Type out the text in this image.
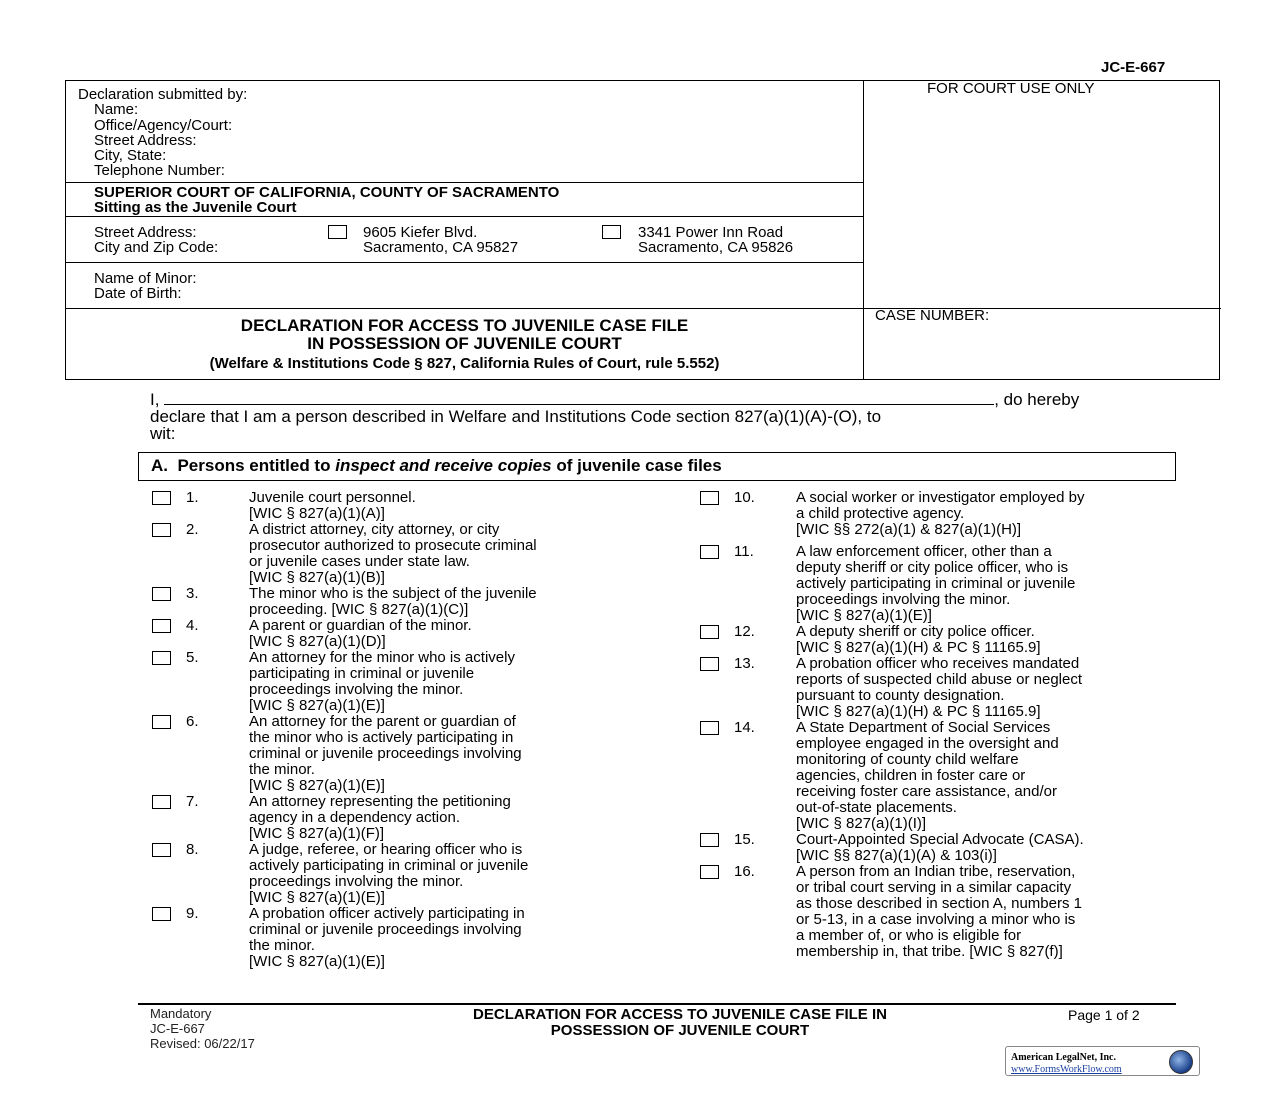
JC-E-667
Declaration submitted by:
Name:
Office/Agency/Court:
Street Address:
City, State:
Telephone Number:
FOR COURT USE ONLY
SUPERIOR COURT OF CALIFORNIA, COUNTY OF SACRAMENTO
Sitting as the Juvenile Court
Street Address:
City and Zip Code:
9605 Kiefer Blvd.
Sacramento, CA 95827
3341 Power Inn Road
Sacramento, CA 95826
Name of Minor:
Date of Birth:
DECLARATION FOR ACCESS TO JUVENILE CASE FILE
IN POSSESSION OF JUVENILE COURT
(Welfare & Institutions Code § 827, California Rules of Court, rule 5.552)
CASE NUMBER:
I,	, do hereby
declare that I am a person described in Welfare and Institutions Code section 827(a)(1)(A)-(O), to
wit:
A. Persons entitled to inspect and receive copies of juvenile case files
1.	Juvenile court personnel.
[WIC § 827(a)(1)(A)]
2.	A district attorney, city attorney, or city
prosecutor authorized to prosecute criminal
or juvenile cases under state law.
[WIC § 827(a)(1)(B)]
3.	The minor who is the subject of the juvenile
proceeding. [WIC § 827(a)(1)(C)]
4.	A parent or guardian of the minor.
[WIC § 827(a)(1)(D)]
5.	An attorney for the minor who is actively
participating in criminal or juvenile
proceedings involving the minor.
[WIC § 827(a)(1)(E)]
6.	An attorney for the parent or guardian of
the minor who is actively participating in
criminal or juvenile proceedings involving
the minor.
[WIC § 827(a)(1)(E)]
7.	An attorney representing the petitioning
agency in a dependency action.
[WIC § 827(a)(1)(F)]
8.	A judge, referee, or hearing officer who is
actively participating in criminal or juvenile
proceedings involving the minor.
[WIC § 827(a)(1)(E)]
9.	A probation officer actively participating in
criminal or juvenile proceedings involving
the minor.
[WIC § 827(a)(1)(E)]
10.	A social worker or investigator employed by
a child protective agency.
[WIC §§ 272(a)(1) & 827(a)(1)(H)]
11.	A law enforcement officer, other than a
deputy sheriff or city police officer, who is
actively participating in criminal or juvenile
proceedings involving the minor.
[WIC § 827(a)(1)(E)]
12.	A deputy sheriff or city police officer.
[WIC § 827(a)(1)(H) & PC § 11165.9]
13.	A probation officer who receives mandated
reports of suspected child abuse or neglect
pursuant to county designation.
[WIC § 827(a)(1)(H) & PC § 11165.9]
14.	A State Department of Social Services
employee engaged in the oversight and
monitoring of county child welfare
agencies, children in foster care or
receiving foster care assistance, and/or
out-of-state placements.
[WIC § 827(a)(1)(I)]
15.	Court-Appointed Special Advocate (CASA).
[WIC §§ 827(a)(1)(A) & 103(i)]
16.	A person from an Indian tribe, reservation,
or tribal court serving in a similar capacity
as those described in section A, numbers 1
or 5-13, in a case involving a minor who is
a member of, or who is eligible for
membership in, that tribe. [WIC § 827(f)]
Mandatory
JC-E-667
Revised: 06/22/17
DECLARATION FOR ACCESS TO JUVENILE CASE FILE IN
POSSESSION OF JUVENILE COURT
Page 1 of 2
American LegalNet, Inc.
www.FormsWorkFlow.com
